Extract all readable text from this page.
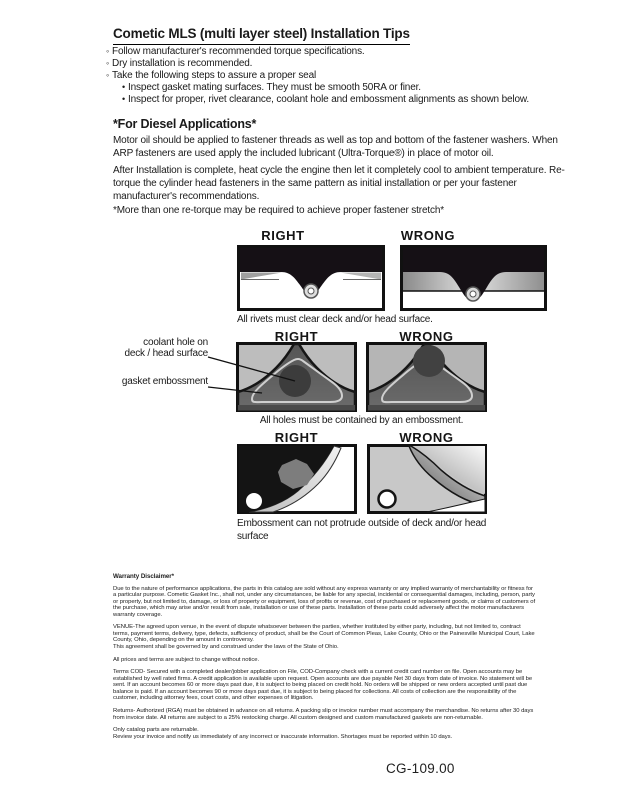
Cometic MLS (multi layer steel) Installation Tips
◦ Follow manufacturer's recommended torque specifications.
◦ Dry installation is recommended.
◦ Take the following steps to assure a proper seal
• Inspect gasket mating surfaces. They must be smooth 50RA or finer.
• Inspect for proper, rivet clearance, coolant hole and embossment alignments as shown below.
*For Diesel Applications*

Motor oil should be applied to fastener threads as well as top and bottom of the fastener washers. When ARP fasteners are used apply the included lubricant (Ultra-Torque®) in place of motor oil.

After Installation is complete, heat cycle the engine then let it completely cool to ambient temperature. Re-torque the cylinder head fasteners in the same pattern as initial installation or per your fastener manufacturer's recommendations.

*More than one re-torque may be required to achieve proper fastener stretch*

RIGHT	WRONG
All rivets must clear deck and/or head surface.
RIGHT	WRONG
coolant hole on
deck / head surface
gasket embossment
All holes must be contained by an embossment.
RIGHT	WRONG
Embossment can not protrude outside of deck and/or head surface

Warranty Disclaimer*

Due to the nature of performance applications, the parts in this catalog are sold without any express warranty or any implied warranty of merchantability or fitness for a particular purpose. Cometic Gasket Inc., shall not, under any circumstances, be liable for any special, incidental or consequential damages, including, person, party or property, but not limited to, damage, or loss of property or equipment, loss of profits or revenue, cost of purchased or replacement goods, or claims of customers of the purchase, which may arise and/or result from sale, installation or use of these parts. Installation of these parts could adversely affect the motor manufacturers warranty coverage.

VENUE-The agreed upon venue, in the event of dispute whatsoever between the parties, whether instituted by either party, including, but not limited to, contract terms, payment terms, delivery, type, defects, sufficiency of product, shall be the Court of Common Pleas, Lake County, Ohio or the Painesville Municipal Court, Lake County, Ohio, depending on the amount in controversy.

This agreement shall be governed by and construed under the laws of the State of Ohio.

All prices and terms are subject to change without notice.

Terms COD- Secured with a completed dealer/jobber application on File, COD-Company check with a current credit card number on file. Open accounts may be established by well rated firms. A credit application is available upon request. Open accounts are due payable Net 30 days from date of invoice. No statement will be sent. If an account becomes 60 or more days past due, it is subject to being placed on credit hold. No orders will be shipped or new orders accepted until past due balance is paid. If an account becomes 90 or more days past due, it is subject to being placed for collections. All costs of collection are the responsibility of the customer, including attorney fees, court costs, and other expenses of litigation.

Returns- Authorized (RGA) must be obtained in advance on all returns. A packing slip or invoice number must accompany the merchandise. No returns after 30 days from invoice date. All returns are subject to a 25% restocking charge. All custom designed and custom manufactured gaskets are non-returnable.

Only catalog parts are returnable.

Review your invoice and notify us immediately of any incorrect or inaccurate information. Shortages must be reported within 10 days.

CG-109.00
